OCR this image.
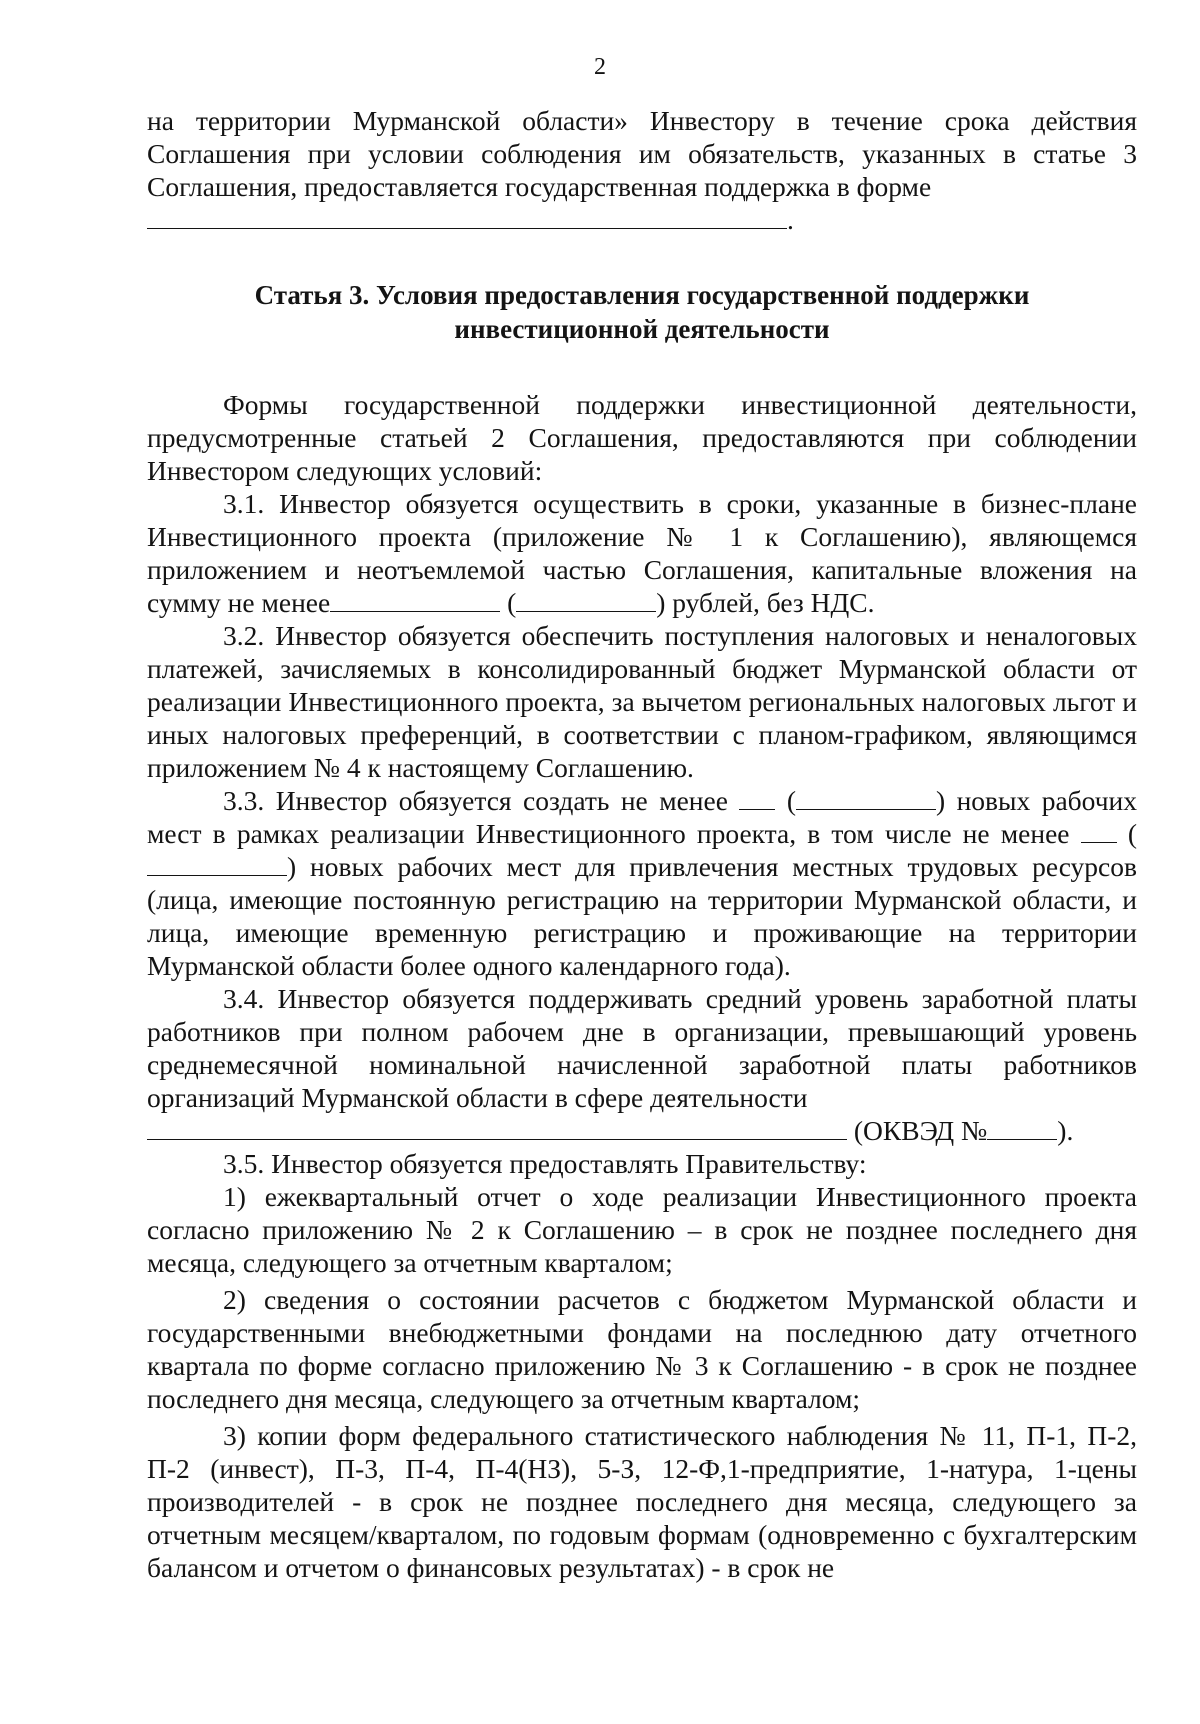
2

на территории Мурманской области» Инвестору в течение срока действия Соглашения при условии соблюдения им обязательств, указанных в статье 3 Соглашения, предоставляется государственная поддержка в форме
.

Статья 3. Условия предоставления государственной поддержки
инвестиционной деятельности

Формы государственной поддержки инвестиционной деятельности, предусмотренные статьей 2 Соглашения, предоставляются при соблюдении Инвестором следующих условий:

3.1. Инвестор обязуется осуществить в сроки, указанные в бизнес-плане Инвестиционного проекта (приложение № 1 к Соглашению), являющемся приложением и неотъемлемой частью Соглашения, капитальные вложения на сумму не менее	(	) рублей, без НДС.

3.2. Инвестор обязуется обеспечить поступления налоговых и неналоговых платежей, зачисляемых в консолидированный бюджет Мурманской области от реализации Инвестиционного проекта, за вычетом региональных налоговых льгот и иных налоговых преференций, в соответствии с планом-графиком, являющимся приложением № 4 к настоящему Соглашению.

3.3. Инвестор обязуется создать не менее  (	) новых рабочих мест в рамках реализации Инвестиционного проекта, в том числе не менее  () новых рабочих мест для привлечения местных трудовых ресурсов (лица, имеющие постоянную регистрацию на территории Мурманской области, и лица, имеющие временную регистрацию и проживающие на территории Мурманской области более одного календарного года).

3.4. Инвестор обязуется поддерживать средний уровень заработной платы работников при полном рабочем дне в организации, превышающий уровень среднемесячной номинальной начисленной заработной платы работников организаций Мурманской области в сфере деятельности
(ОКВЭД №	).

3.5. Инвестор обязуется предоставлять Правительству:

1) ежеквартальный отчет о ходе реализации Инвестиционного проекта согласно приложению № 2 к Соглашению – в срок не позднее последнего дня месяца, следующего за отчетным кварталом;

2) сведения о состоянии расчетов с бюджетом Мурманской области и государственными внебюджетными фондами на последнюю дату отчетного квартала по форме согласно приложению № 3 к Соглашению - в срок не позднее последнего дня месяца, следующего за отчетным кварталом;

3) копии форм федерального статистического наблюдения № 11, П-1, П-2, П-2 (инвест), П-3, П-4, П-4(НЗ), 5-З, 12-Ф,1-предприятие, 1-натура, 1-цены производителей - в срок не позднее последнего дня месяца, следующего за отчетным месяцем/кварталом, по годовым формам (одновременно с бухгалтерским балансом и отчетом о финансовых результатах) - в срок не
